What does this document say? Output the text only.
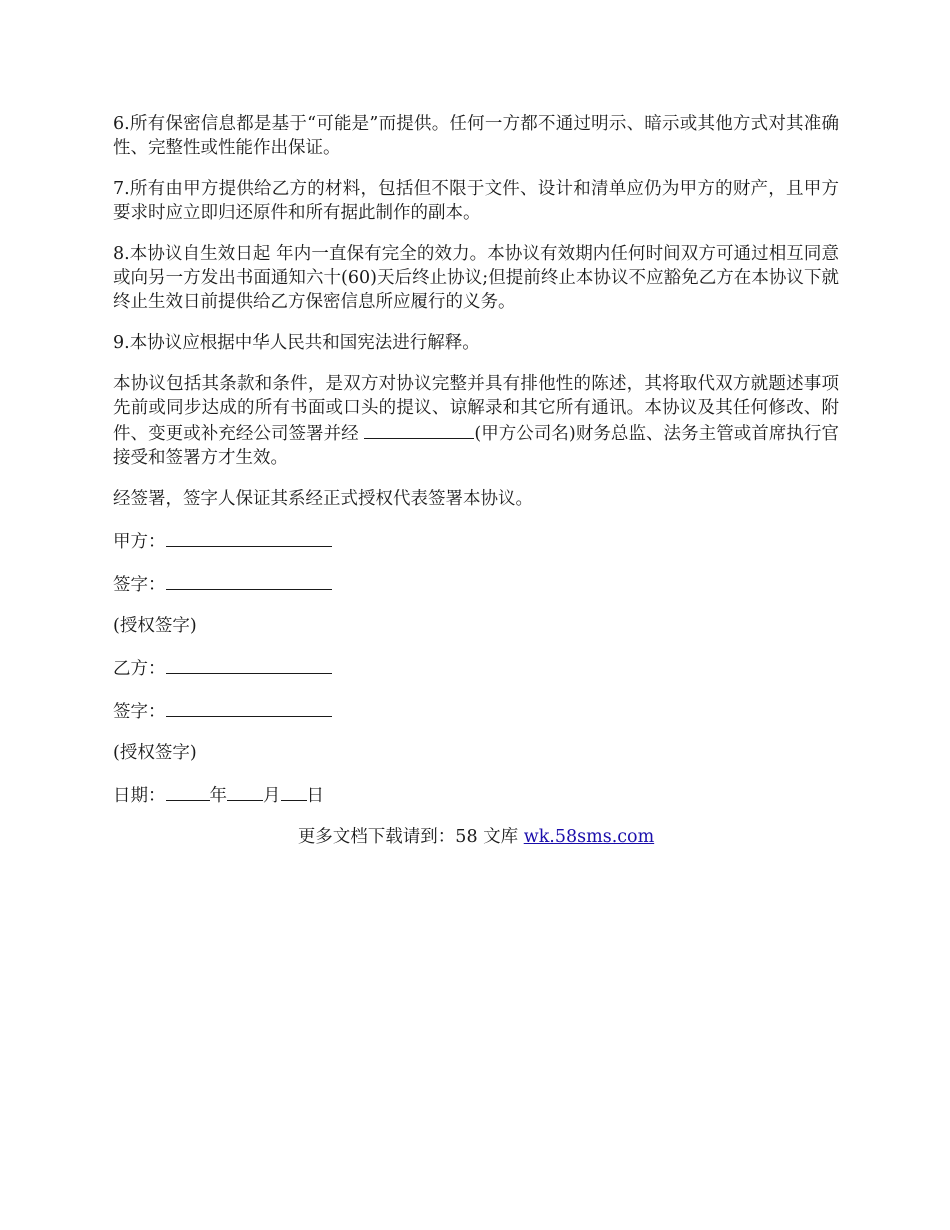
6.所有保密信息都是基于“可能是”而提供。任何一方都不通过明示、暗示或其他方式对其准确性、完整性或性能作出保证。

7.所有由甲方提供给乙方的材料，包括但不限于文件、设计和清单应仍为甲方的财产，且甲方要求时应立即归还原件和所有据此制作的副本。

8.本协议自生效日起 年内一直保有完全的效力。本协议有效期内任何时间双方可通过相互同意或向另一方发出书面通知六十(60)天后终止协议;但提前终止本协议不应豁免乙方在本协议下就终止生效日前提供给乙方保密信息所应履行的义务。

9.本协议应根据中华人民共和国宪法进行解释。

本协议包括其条款和条件，是双方对协议完整并具有排他性的陈述，其将取代双方就题述事项先前或同步达成的所有书面或口头的提议、谅解录和其它所有通讯。本协议及其任何修改、附件、变更或补充经公司签署并经	(甲方公司名)财务总监、法务主管或首席执行官接受和签署方才生效。

经签署，签字人保证其系经正式授权代表签署本协议。

甲方：
签字：
(授权签字)
乙方：
签字：
(授权签字)
日期：	年 月 日
更多文档下载请到：58 文库 wk.58sms.com
